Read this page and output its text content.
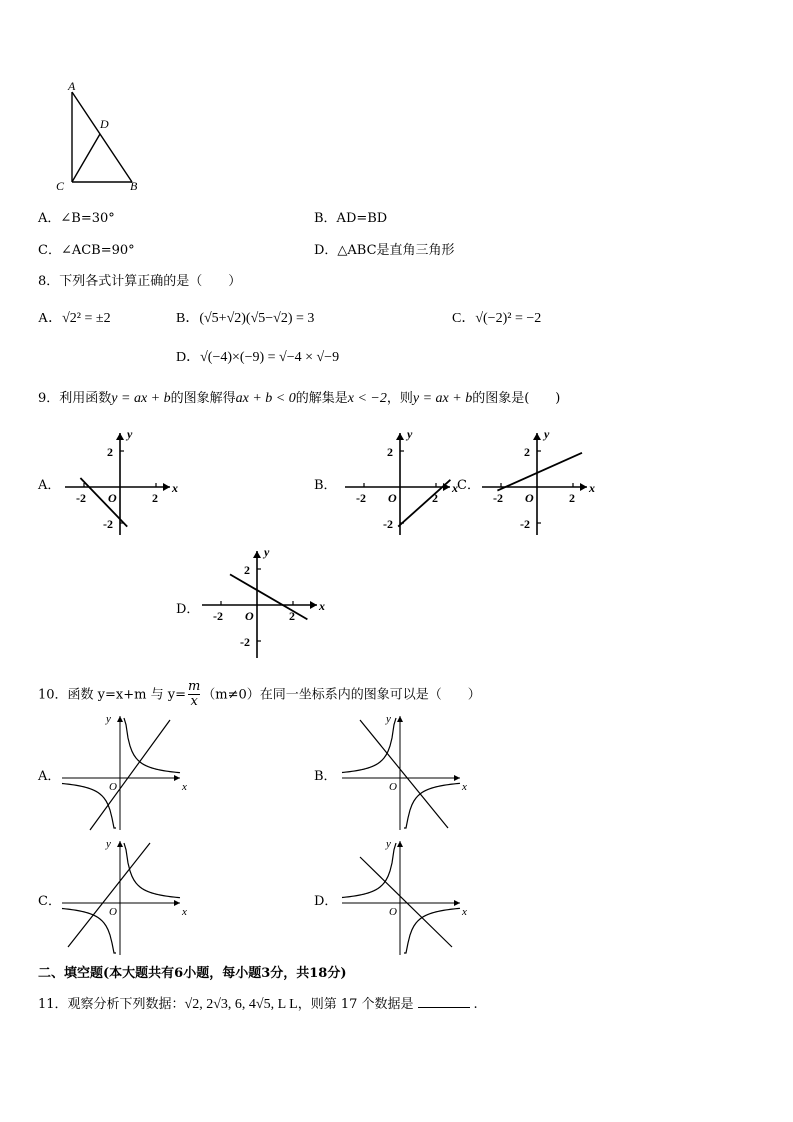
A
D
C	B
A．∠B=30°	B．AD=BD
C．∠ACB=90°	D．△ABC是直角三角形
8．下列各式计算正确的是（　　）
A．√2² = ±2	B．(√5+√2)(√5−√2) = 3	C．√(−2)² = −2
D．√(−4)×(−9) = √−4 × √−9
9．利用函数y = ax + b的图象解得ax + b < 0的解集是x < −2，则y = ax + b的图象是(　　)
A．	B．	C．
D．
-2	2
2
-2
O
x
y
-2	2
2
-2
O
x
y
-2	2
2
-2
O
x
y
-2	2
2
-2
O
x
y
10．函数 y=x+m 与 $y= \frac{m}{x} (m\ne 0)$在同一坐标系内的图象可以是（　　）
A．	B．
C．	D．
O	x
y
O	x
y
O	x
y
O	x
y
二、填空题(本大题共有6小题，每小题3分，共18分)
11．观察分析下列数据：√2, 2√3, 6, 4√5, L L，则第 17 个数据是	.
